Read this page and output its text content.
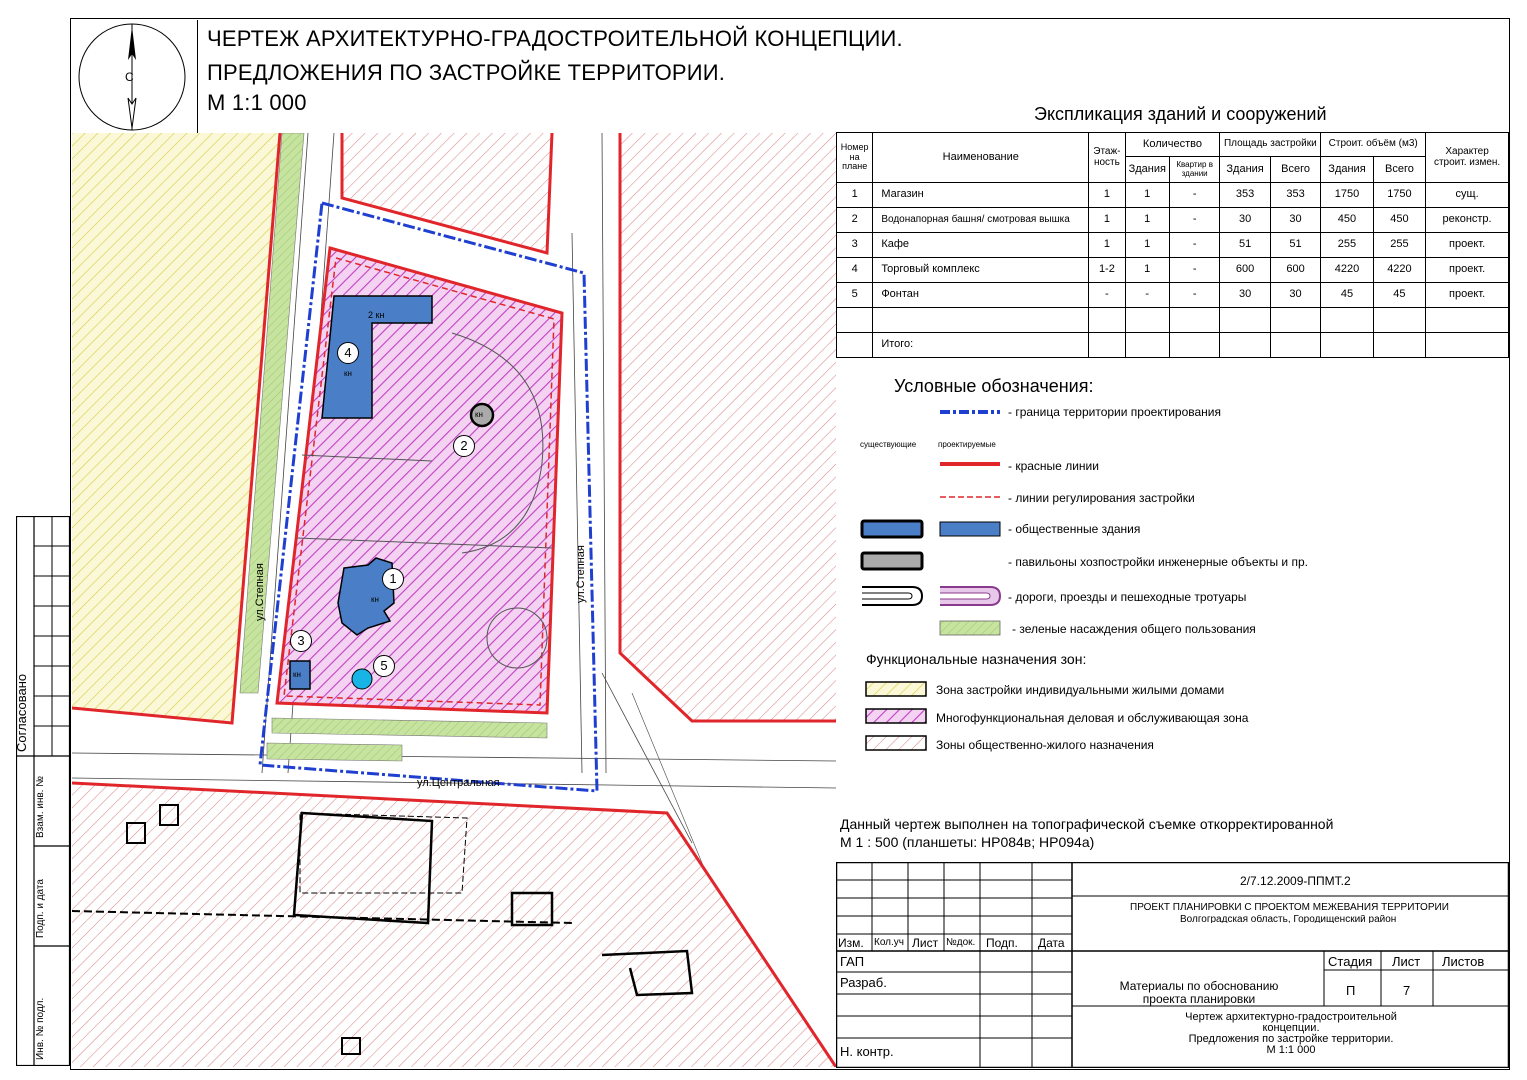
С
ЧЕРТЕЖ АРХИТЕКТУРНО-ГРАДОСТРОИТЕЛЬНОЙ КОНЦЕПЦИИ.
ПРЕДЛОЖЕНИЯ ПО ЗАСТРОЙКЕ ТЕРРИТОРИИ.
М 1:1 000
2 кн
кн
кн
кн
кн
ул.Степная	ул.Степная
ул.Центральная
1
2
3
4
5
Экспликация зданий и сооружений
Номер на плане	Наименование	Этаж-ность	Количество		Площадь застройки		Строит. объём (м3)		Характер строит. измен.
			Здания	Квартир в здании	Здания	Всего	Здания	Всего	
1	Магазин	1	1	-	353	353	1750	1750	сущ.
2	Водонапорная башня/ смотровая вышка	1	1	-	30	30	450	450	реконстр.
3	Кафе	1	1	-	51	51	255	255	проект.
4	Торговый комплекс	1-2	1	-	600	600	4220	4220	проект.
5	Фонтан	-	-	-	30	30	45	45	проект.

	Итого:								
Условные обозначения:
существующие	проектируемые
- граница территории проектирования
- красные линии
- линии регулирования застройки
- общественные здания
- павильоны хозпостройки инженерные объекты и пр.
- дороги, проезды и пешеходные тротуары
- зеленые насаждения общего пользования
Функциональные назначения зон:
Зона застройки индивидуальными жилыми домами
Многофункциональная деловая и обслуживающая зона
Зоны общественно-жилого назначения
Данный чертеж выполнен на топографической съемке откорректированной
М 1 : 500 (планшеты: НР084в; НР094а)
2/7.12.2009-ППМТ.2
ПРОЕКТ ПЛАНИРОВКИ С ПРОЕКТОМ МЕЖЕВАНИЯ ТЕРРИТОРИИ
Волгоградская область, Городищенский район
Изм. Кол.уч Лист №док. Подп. Дата
ГАП
Разраб.
Н. контр.
Материалы по обоснованию
проекта планировки
Чертеж архитектурно-градостроительной
концепции.
Предложения по застройке территории.
М 1:1 000
Стадия Лист Листов
П	7
Согласовано
Взам. инв. №
Подп. и дата
Инв. № подл.
